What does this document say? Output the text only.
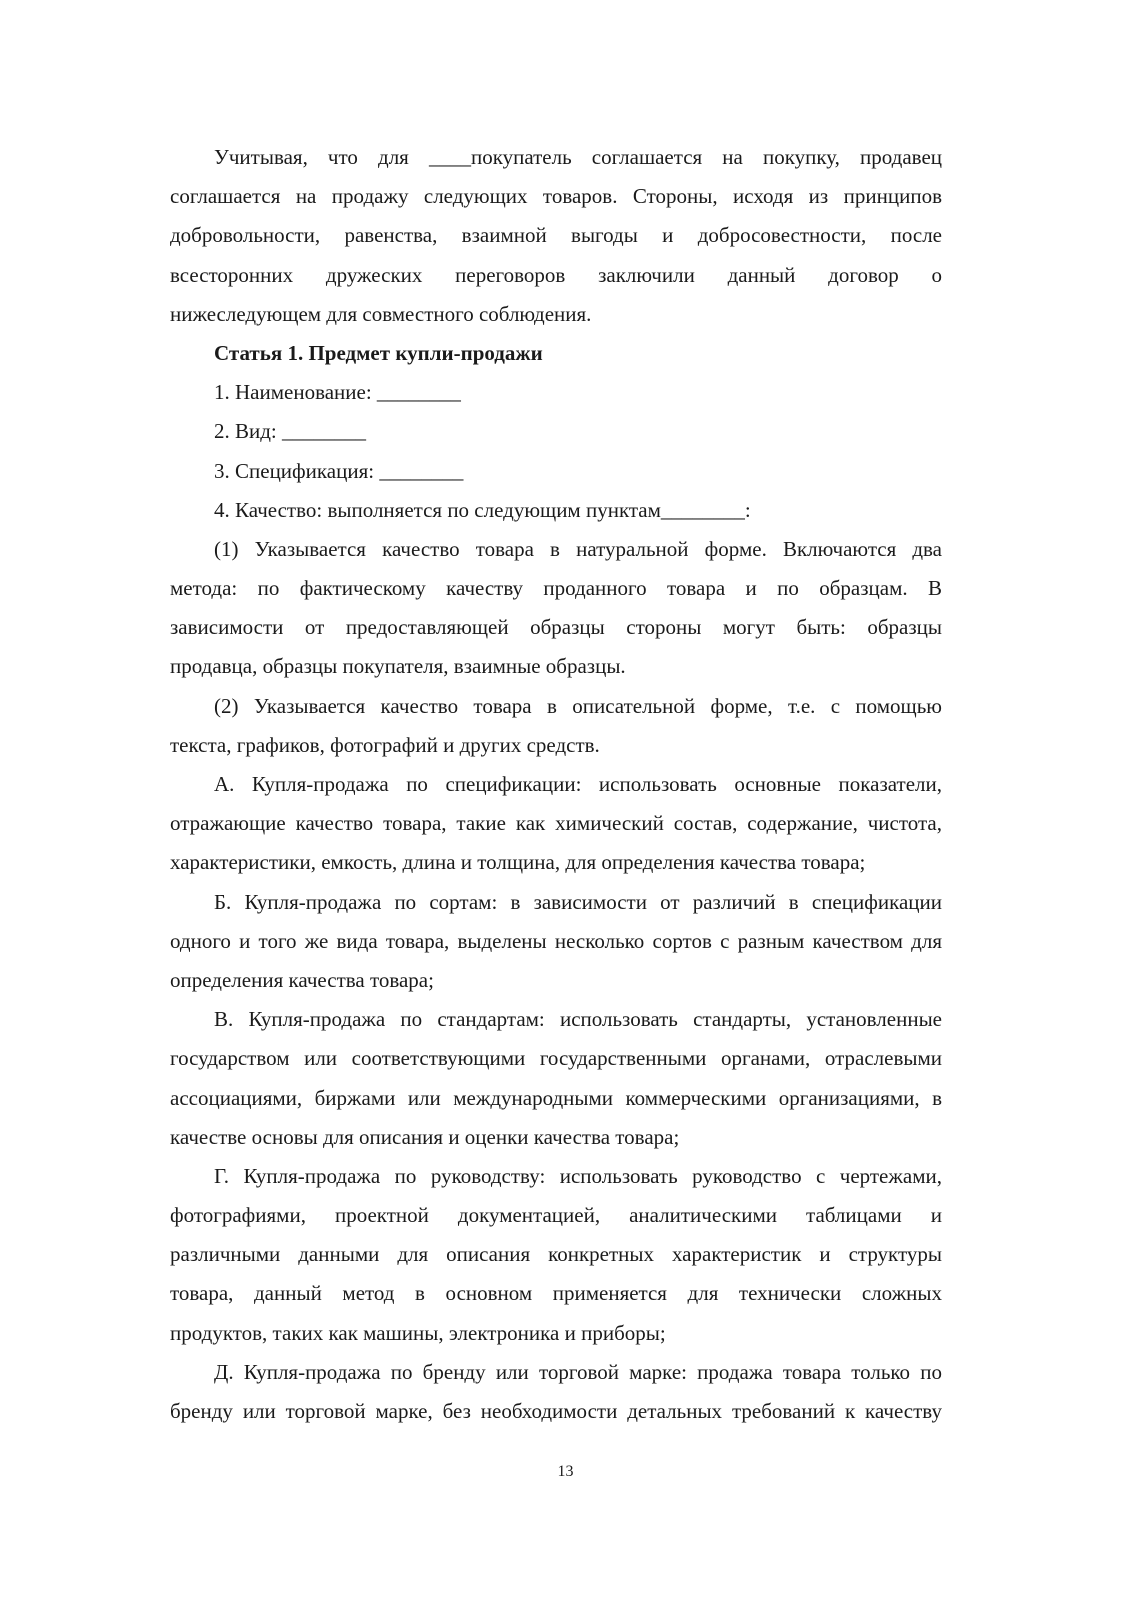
Учитывая, что для ____покупатель соглашается на покупку, продавец
соглашается на продажу следующих товаров. Стороны, исходя из принципов
добровольности, равенства, взаимной выгоды и добросовестности, после
всесторонних дружеских переговоров заключили данный договор о
нижеследующем для совместного соблюдения.
Статья 1. Предмет купли-продажи
1. Наименование: ________
2. Вид: ________
3. Спецификация: ________
4. Качество: выполняется по следующим пунктам________:
(1) Указывается качество товара в натуральной форме. Включаются два
метода: по фактическому качеству проданного товара и по образцам. В
зависимости от предоставляющей образцы стороны могут быть: образцы
продавца, образцы покупателя, взаимные образцы.
(2) Указывается качество товара в описательной форме, т.е. с помощью
текста, графиков, фотографий и других средств.
А. Купля-продажа по спецификации: использовать основные показатели,
отражающие качество товара, такие как химический состав, содержание, чистота,
характеристики, емкость, длина и толщина, для определения качества товара;
Б. Купля-продажа по сортам: в зависимости от различий в спецификации
одного и того же вида товара, выделены несколько сортов с разным качеством для
определения качества товара;
В. Купля-продажа по стандартам: использовать стандарты, установленные
государством или соответствующими государственными органами, отраслевыми
ассоциациями, биржами или международными коммерческими организациями, в
качестве основы для описания и оценки качества товара;
Г. Купля-продажа по руководству: использовать руководство с чертежами,
фотографиями, проектной документацией, аналитическими таблицами и
различными данными для описания конкретных характеристик и структуры
товара, данный метод в основном применяется для технически сложных
продуктов, таких как машины, электроника и приборы;
Д. Купля-продажа по бренду или торговой марке: продажа товара только по
бренду или торговой марке, без необходимости детальных требований к качеству
13
